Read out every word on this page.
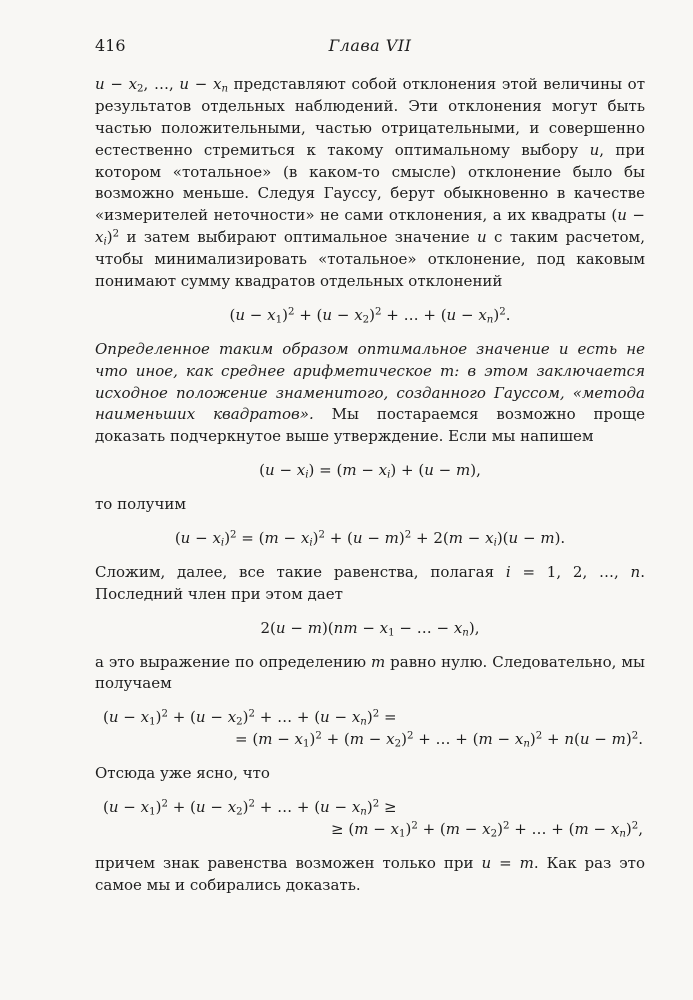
416	Глава VII

$u - x_2$, …, $u - x_n$ представляют собой отклонения этой величины от результатов отдельных наблюдений. Эти отклонения могут быть частью положительными, частью отрицательными, и совершенно естественно стремиться к такому оптимальному выбору u, при котором «тотальное» (в каком-то смысле) отклонение было бы возможно меньше. Следуя Гауссу, берут обыкновенно в качестве «измерителей неточности» не сами отклонения, а их квадраты $(u - x_i)^2$ и затем выбирают оптимальное значение u с таким расчетом, чтобы минимализировать «тотальное» отклонение, под каковым понимают сумму квадратов отдельных отклонений

$(u - x_1)^2 + (u - x_2)^2$ + … + $(u - x_n)^2$.

Определенное таким образом оптимальное значение u есть не что иное, как среднее арифметическое m: в этом заключается исходное положение знаменитого, созданного Гауссом, «метода наименьших квадратов». Мы постараемся возможно проще доказать подчеркнутое выше утверждение. Если мы напишем

$(u - x_i) = (m - x_i) + (u - m)$,

то получим

$(u - x_i)^2 = (m - x_i)^2 + (u - m)^2 + 2(m - x_i)(u - m)$.

Сложим, далее, все такие равенства, полагая i = 1, 2, …, n. Последний член при этом дает

$2(u - m)(nm - x_1$ − … − $x_n$),

а это выражение по определению m равно нулю. Следовательно, мы получаем

$(u - x_1)^2 + (u - x_2)^2$ + … + $(u - x_n)^2$ =
= $(m - x_1)^2 + (m - x_2)^2$ + … + $(m - x_n)^2 + n(u - m)^2$.

Отсюда уже ясно, что

$(u - x_1)^2 + (u - x_2)^2$ + … + $(u - x_n)^2$ ≥
≥ $(m - x_1)^2 + (m - x_2)^2$ + … + $(m - x_n)^2$,

причем знак равенства возможен только при u = m. Как раз это самое мы и собирались доказать.
